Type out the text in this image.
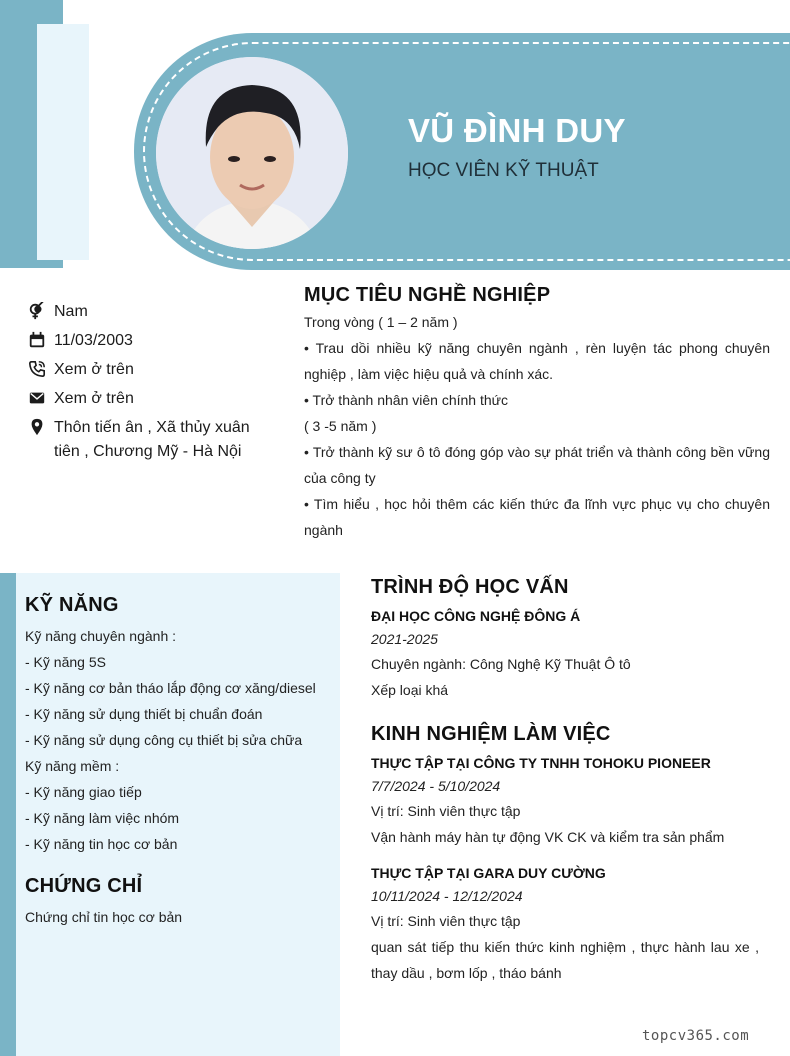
VŨ ĐÌNH DUY
HỌC VIÊN KỸ THUẬT
Nam
11/03/2003
Xem ở trên
Xem ở trên
Thôn tiến ân , Xã thủy xuân
tiên , Chương Mỹ - Hà Nội
MỤC TIÊU NGHỀ NGHIỆP

Trong vòng ( 1 – 2 năm )

• Trau dồi nhiều kỹ năng chuyên ngành , rèn luyện tác phong chuyên nghiệp , làm việc hiệu quả và chính xác.

• Trở thành nhân viên chính thức

( 3 -5 năm )

• Trở thành kỹ sư ô tô đóng góp vào sự phát triển và thành công bền vững của công ty

• Tìm hiểu , học hỏi thêm các kiến thức đa lĩnh vực phục vụ cho chuyên ngành

KỸ NĂNG

Kỹ năng chuyên ngành :

- Kỹ năng 5S

- Kỹ năng cơ bản tháo lắp động cơ xăng/diesel

- Kỹ năng sử dụng thiết bị chuẩn đoán

- Kỹ năng sử dụng công cụ thiết bị sửa chữa

Kỹ năng mềm :

- Kỹ năng giao tiếp

- Kỹ năng làm việc nhóm

- Kỹ năng tin học cơ bản

CHỨNG CHỈ

Chứng chỉ tin học cơ bản

TRÌNH ĐỘ HỌC VẤN
ĐẠI HỌC CÔNG NGHỆ ĐÔNG Á
2021-2025
Chuyên ngành: Công Nghệ Kỹ Thuật Ô tô
Xếp loại khá
KINH NGHIỆM LÀM VIỆC
THỰC TẬP TẠI CÔNG TY TNHH TOHOKU PIONEER
7/7/2024 - 5/10/2024
Vị trí: Sinh viên thực tập
Vận hành máy hàn tự động VK CK và kiểm tra sản phẩm
THỰC TẬP TẠI GARA DUY CƯỜNG
10/11/2024 - 12/12/2024
Vị trí: Sinh viên thực tập
quan sát tiếp thu kiến thức kinh nghiệm , thực hành lau xe , thay dầu , bơm lốp , tháo bánh
topcv365.com
